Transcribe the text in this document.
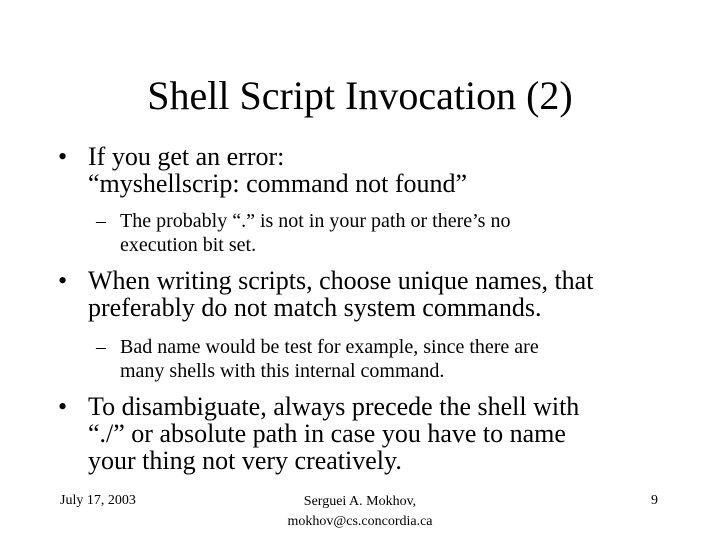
Shell Script Invocation (2)
• If you get an error:
“myshellscrip: command not found”
– The probably “.” is not in your path or there’s no
execution bit set.
• When writing scripts, choose unique names, that
preferably do not match system commands.
– Bad name would be test for example, since there are
many shells with this internal command.
• To disambiguate, always precede the shell with
“./” or absolute path in case you have to name
your thing not very creatively.
July 17, 2003	Serguei A. Mokhov,
mokhov@cs.concordia.ca
9
